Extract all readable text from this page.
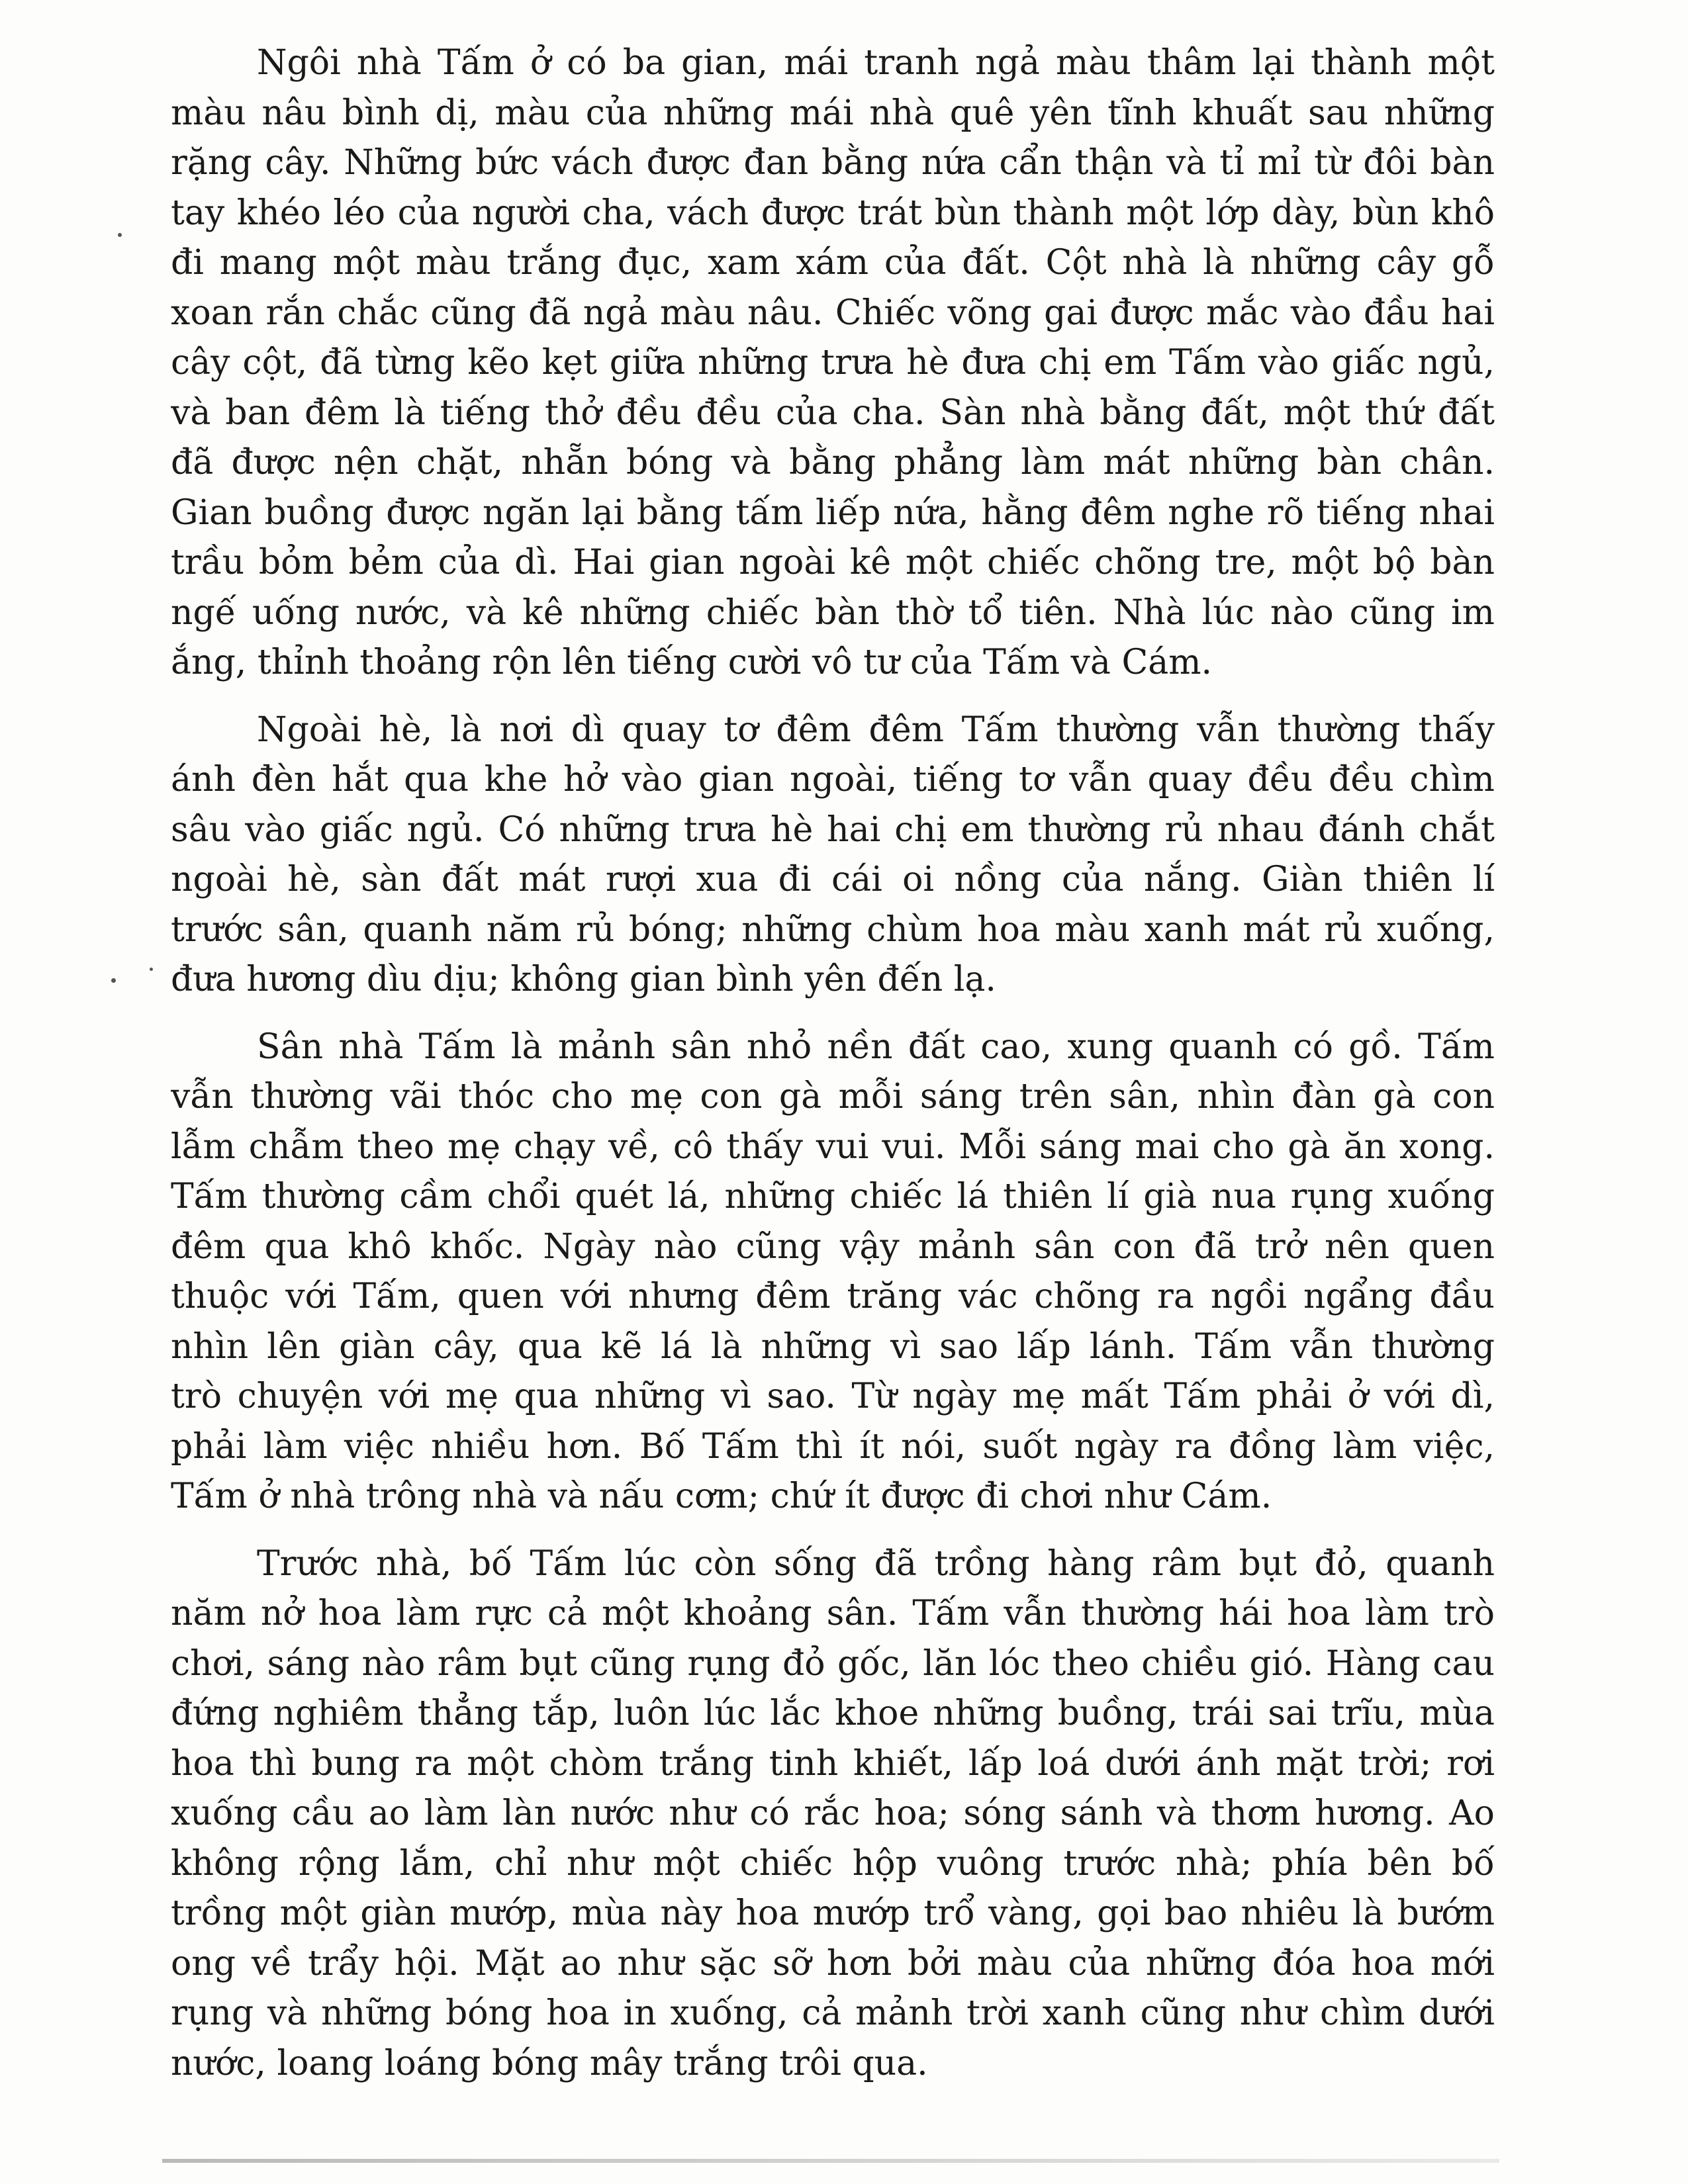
Ngôi nhà Tấm ở có ba gian, mái tranh ngả màu thâm lại thành một
màu nâu bình dị, màu của những mái nhà quê yên tĩnh khuất sau những
rặng cây. Những bức vách được đan bằng nứa cẩn thận và tỉ mỉ từ đôi bàn
tay khéo léo của người cha, vách được trát bùn thành một lớp dày, bùn khô
đi mang một màu trắng đục, xam xám của đất. Cột nhà là những cây gỗ
xoan rắn chắc cũng đã ngả màu nâu. Chiếc võng gai được mắc vào đầu hai
cây cột, đã từng kẽo kẹt giữa những trưa hè đưa chị em Tấm vào giấc ngủ,
và ban đêm là tiếng thở đều đều của cha. Sàn nhà bằng đất, một thứ đất
đã được nện chặt, nhẵn bóng và bằng phẳng làm mát những bàn chân.
Gian buồng được ngăn lại bằng tấm liếp nứa, hằng đêm nghe rõ tiếng nhai
trầu bỏm bẻm của dì. Hai gian ngoài kê một chiếc chõng tre, một bộ bàn
ngế uống nước, và kê những chiếc bàn thờ tổ tiên. Nhà lúc nào cũng im
ắng, thỉnh thoảng rộn lên tiếng cười vô tư của Tấm và Cám.
Ngoài hè, là nơi dì quay tơ đêm đêm Tấm thường vẫn thường thấy
ánh đèn hắt qua khe hở vào gian ngoài, tiếng tơ vẫn quay đều đều chìm
sâu vào giấc ngủ. Có những trưa hè hai chị em thường rủ nhau đánh chắt
ngoài hè, sàn đất mát rượi xua đi cái oi nồng của nắng. Giàn thiên lí
trước sân, quanh năm rủ bóng; những chùm hoa màu xanh mát rủ xuống,
đưa hương dìu dịu; không gian bình yên đến lạ.
Sân nhà Tấm là mảnh sân nhỏ nền đất cao, xung quanh có gồ. Tấm
vẫn thường vãi thóc cho mẹ con gà mỗi sáng trên sân, nhìn đàn gà con
lẫm chẫm theo mẹ chạy về, cô thấy vui vui. Mỗi sáng mai cho gà ăn xong.
Tấm thường cầm chổi quét lá, những chiếc lá thiên lí già nua rụng xuống
đêm qua khô khốc. Ngày nào cũng vậy mảnh sân con đã trở nên quen
thuộc với Tấm, quen với nhưng đêm trăng vác chõng ra ngồi ngẩng đầu
nhìn lên giàn cây, qua kẽ lá là những vì sao lấp lánh. Tấm vẫn thường
trò chuyện với mẹ qua những vì sao. Từ ngày mẹ mất Tấm phải ở với dì,
phải làm việc nhiều hơn. Bố Tấm thì ít nói, suốt ngày ra đồng làm việc,
Tấm ở nhà trông nhà và nấu cơm; chứ ít được đi chơi như Cám.
Trước nhà, bố Tấm lúc còn sống đã trồng hàng râm bụt đỏ, quanh
năm nở hoa làm rực cả một khoảng sân. Tấm vẫn thường hái hoa làm trò
chơi, sáng nào râm bụt cũng rụng đỏ gốc, lăn lóc theo chiều gió. Hàng cau
đứng nghiêm thẳng tắp, luôn lúc lắc khoe những buồng, trái sai trĩu, mùa
hoa thì bung ra một chòm trắng tinh khiết, lấp loá dưới ánh mặt trời; rơi
xuống cầu ao làm làn nước như có rắc hoa; sóng sánh và thơm hương. Ao
không rộng lắm, chỉ như một chiếc hộp vuông trước nhà; phía bên bố
trồng một giàn mướp, mùa này hoa mướp trổ vàng, gọi bao nhiêu là bướm
ong về trẩy hội. Mặt ao như sặc sỡ hơn bởi màu của những đóa hoa mới
rụng và những bóng hoa in xuống, cả mảnh trời xanh cũng như chìm dưới
nước, loang loáng bóng mây trắng trôi qua.
